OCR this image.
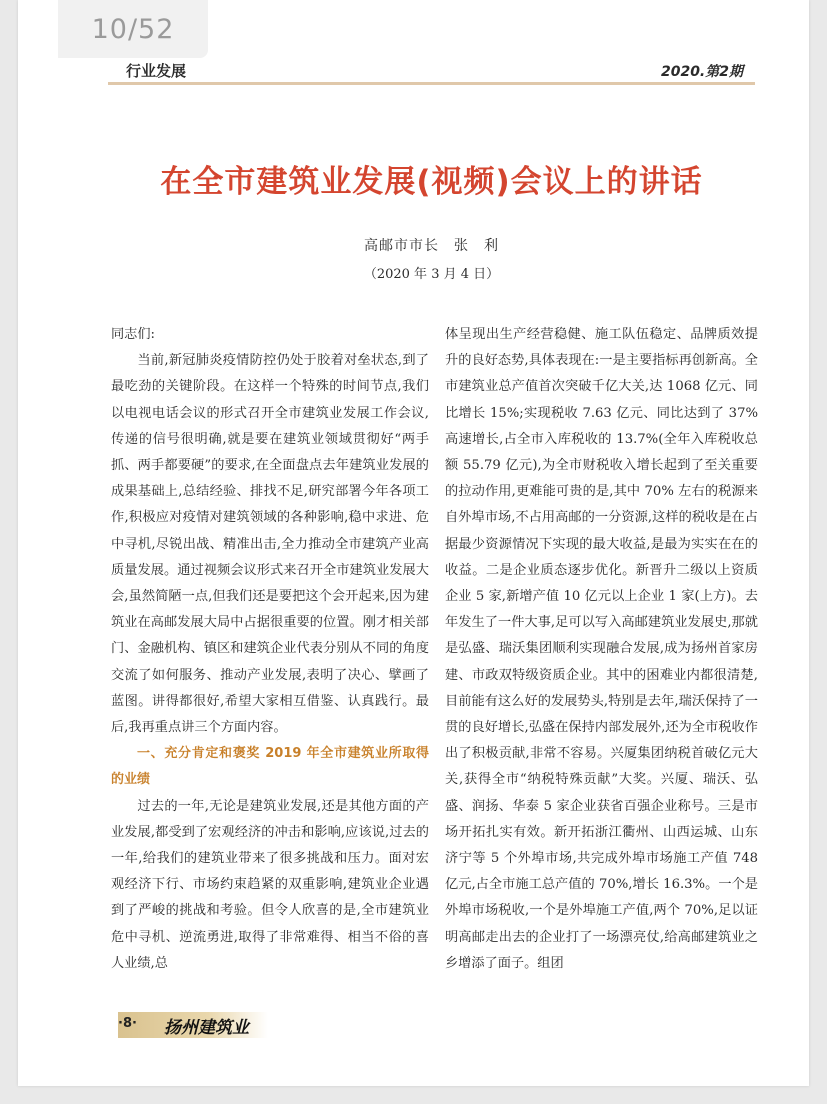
10/52
行业发展	2020.第2期
在全市建筑业发展(视频)会议上的讲话
高邮市市长　张　利
（2020 年 3 月 4 日）

同志们:

当前,新冠肺炎疫情防控仍处于胶着对垒状态,到了最吃劲的关键阶段。在这样一个特殊的时间节点,我们以电视电话会议的形式召开全市建筑业发展工作会议,传递的信号很明确,就是要在建筑业领域贯彻好“两手抓、两手都要硬”的要求,在全面盘点去年建筑业发展的成果基础上,总结经验、排找不足,研究部署今年各项工作,积极应对疫情对建筑领域的各种影响,稳中求进、危中寻机,尽锐出战、精准出击,全力推动全市建筑产业高质量发展。通过视频会议形式来召开全市建筑业发展大会,虽然简陋一点,但我们还是要把这个会开起来,因为建筑业在高邮发展大局中占据很重要的位置。刚才相关部门、金融机构、镇区和建筑企业代表分别从不同的角度交流了如何服务、推动产业发展,表明了决心、擘画了蓝图。讲得都很好,希望大家相互借鉴、认真践行。最后,我再重点讲三个方面内容。

一、充分肯定和褒奖 2019 年全市建筑业所取得的业绩

过去的一年,无论是建筑业发展,还是其他方面的产业发展,都受到了宏观经济的冲击和影响,应该说,过去的一年,给我们的建筑业带来了很多挑战和压力。面对宏观经济下行、市场约束趋紧的双重影响,建筑业企业遇到了严峻的挑战和考验。但令人欣喜的是,全市建筑业危中寻机、逆流勇进,取得了非常难得、相当不俗的喜人业绩,总

体呈现出生产经营稳健、施工队伍稳定、品牌质效提升的良好态势,具体表现在:一是主要指标再创新高。全市建筑业总产值首次突破千亿大关,达 1068 亿元、同比增长 15%;实现税收 7.63 亿元、同比达到了 37% 高速增长,占全市入库税收的 13.7%(全年入库税收总额 55.79 亿元),为全市财税收入增长起到了至关重要的拉动作用,更难能可贵的是,其中 70% 左右的税源来自外埠市场,不占用高邮的一分资源,这样的税收是在占据最少资源情况下实现的最大收益,是最为实实在在的收益。二是企业质态逐步优化。新晋升二级以上资质企业 5 家,新增产值 10 亿元以上企业 1 家(上方)。去年发生了一件大事,足可以写入高邮建筑业发展史,那就是弘盛、瑞沃集团顺利实现融合发展,成为扬州首家房建、市政双特级资质企业。其中的困难业内都很清楚,目前能有这么好的发展势头,特别是去年,瑞沃保持了一贯的良好增长,弘盛在保持内部发展外,还为全市税收作出了积极贡献,非常不容易。兴厦集团纳税首破亿元大关,获得全市“纳税特殊贡献”大奖。兴厦、瑞沃、弘盛、润扬、华泰 5 家企业获省百强企业称号。三是市场开拓扎实有效。新开拓浙江衢州、山西运城、山东济宁等 5 个外埠市场,共完成外埠市场施工产值 748 亿元,占全市施工总产值的 70%,增长 16.3%。一个是外埠市场税收,一个是外埠施工产值,两个 70%,足以证明高邮走出去的企业打了一场漂亮仗,给高邮建筑业之乡增添了面子。组团

·8· 扬州建筑业
